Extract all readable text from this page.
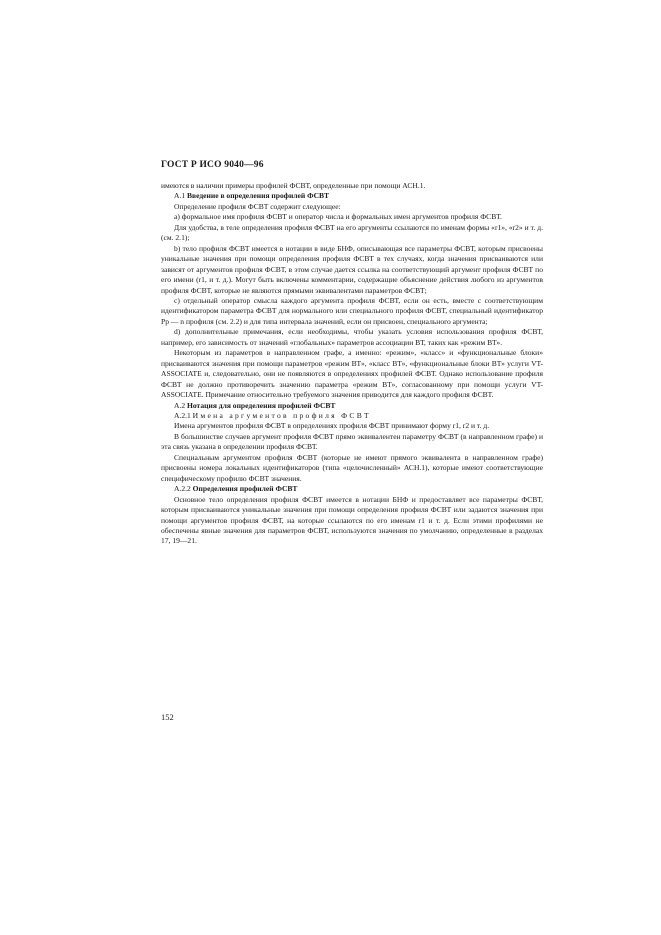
ГОСТ Р ИСО 9040—96

имеются в наличии примеры профилей ФСВТ, определенные при помощи АСН.1.

А.1 Введение в определения профилей ФСВТ

Определение профиля ФСВТ содержит следующее:

а) формальное имя профиля ФСВТ и оператор числа и формальных имен аргументов профиля ФСВТ.

Для удобства, в теле определения профиля ФСВТ на его аргументы ссылаются по именам формы «r1», «r2» и т. д. (см. 2.1);

b) тело профиля ФСВТ имеется в нотации в виде БНФ, описывающая все параметры ФСВТ, которым присвоены уникальные значения при помощи определения профиля ФСВТ в тех случаях, когда значения присваиваются или зависят от аргументов профиля ФСВТ, в этом случае дается ссылка на соответствующий аргумент профиля ФСВТ по его имени (r1, и т. д.). Могут быть включены комментарии, содержащие объяснение действия любого из аргументов профиля ФСВТ, которые не являются прямыми эквивалентами параметров ФСВТ;

с) отдельный оператор смысла каждого аргумента профиля ФСВТ, если он есть, вместе с соответствующим идентификатором параметра ФСВТ для нормального или специального профиля ФСВТ, специальный идентификатор Рр — n профиля (см. 2.2) и для типа интервала значений, если он присвоен, специального аргумента;

d) дополнительные примечания, если необходимы, чтобы указать условия использования профиля ФСВТ, например, его зависимость от значений «глобальных» параметров ассоциации ВТ, таких как «режим ВТ».

Некоторым из параметров в направленном графе, а именно: «режим», «класс» и «функциональные блоки» присваиваются значения при помощи параметров «режим ВТ», «класс ВТ», «функциональные блоки ВТ» услуги VT-ASSOCIATE и, следовательно, они не появляются в определениях профилей ФСВТ. Однако использование профиля ФСВТ не должно противоречить значению параметра «режим ВТ», согласованному при помощи услуги VT-ASSOCIATE. Примечание относительно требуемого значения приводится для каждого профиля ФСВТ.

А.2 Нотация для определения профилей ФСВТ

А.2.1 Имена аргументов профиля ФСВТ

Имена аргументов профиля ФСВТ в определениях профиля ФСВТ принимают форму r1, r2 и т. д.

В большинстве случаев аргумент профиля ФСВТ прямо эквивалентен параметру ФСВТ (в направленном графе) и эта связь указана в определении профиля ФСВТ.

Специальным аргументом профиля ФСВТ (которые не имеют прямого эквивалента в направленном графе) присвоены номера локальных идентификаторов (типа «целочисленный» АСН.1), которые имеют соответствующие специфическому профилю ФСВТ значения.

А.2.2 Определения профилей ФСВТ

Основное тело определения профиля ФСВТ имеется в нотации БНФ и предоставляет все параметры ФСВТ, которым присваиваются уникальные значения при помощи определения профиля ФСВТ или задаются значения при помощи аргументов профиля ФСВТ, на которые ссылаются по его именам r1 и т. д. Если этими профилями не обеспечены явные значения для параметров ФСВТ, используются значения по умолчанию, определенные в разделах 17, 19—21.

152
